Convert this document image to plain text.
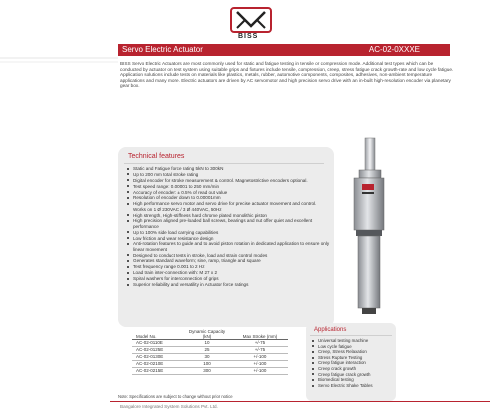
BISS
Servo Electric Actuator	AC-02-0XXXE
BISS Servo Electric Actuators are most commonly used for static and fatigue testing in tensile or compression mode. Additional test types which can be conducted by actuator on test system using suitable grips and fixtures include tensile, compression, creep, stress fatigue crack growth-rate and low cycle fatigue. Application solutions include tests on materials like plastics, metals, rubber, automotive components, composites, adhesives, non-ambient temperature applications and many more. Electric actuators are driven by AC servomotor and high precision servo drive with an in-built high-resolution encoder via planetary gear box.
Technical features
Static and Fatigue force rating 5kN to 300kN
Up to 200 mm total stroke rating
Digital encoder for stroke measurement & control. Magnetostrictive encoders optional.
Test speed range: 0.00001 to 250 mm/min
Accuracy of encoder: ± 0.5% of read out value
Resolution of encoder down to 0.00001mm
High performance servo motor and servo drive for precise actuator movement and control. Works on 1 Ø 230VAC / 3 Ø 440VAC, 50Hz
High strength, High-stiffness hard chrome plated monolithic piston
High precision aligned pre-loaded ball screws, bearings and nut offer quiet and excellent performance
Up to 100% side load carrying capabilities
Low friction and wear resistance design
Anti-rotation features to guide and to avoid piston rotation in dedicated application to ensure only linear movement
Designed to conduct tests in stroke, load and strain control modes
Generates standard waveform; sine, ramp, triangle and square
Test frequency range 0.001 to 2 Hz
Load train inter-connection with: M 27 x 2
Spiral washers for interconnection of grips
Superior reliability and versatility in Actuator force ratings
Applications
Universal testing machine
Low cycle fatigue
Creep, Stress Relaxation
Stress Rupture Testing
Creep fatigue interaction
Creep crack growth
Creep fatigue crack growth
Biomedical testing
Servo Electric Shake Tables
Model No.	Dynamic Capacity (kN)	Max Stroke (mm)
AC-02-0110E	10	+/-75
AC-02-0125E	25	+/-75
AC-02-0130E	30	+/-100
AC-02-0210E	100	+/-100
AC-02-0215E	300	+/-100
Note: Specifications are subject to change without prior notice
Bangalore Integrated System Solutions Pvt. Ltd.
